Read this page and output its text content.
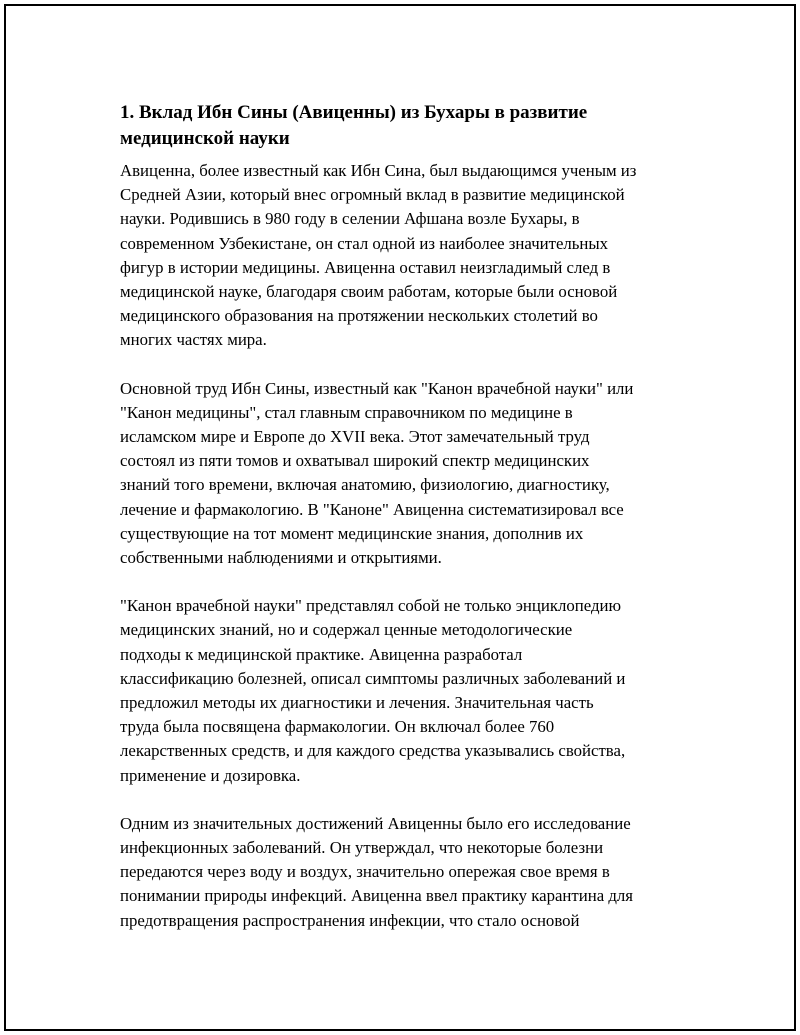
1. Вклад Ибн Сины (Авиценны) из Бухары в развитие
медицинской науки

Авиценна, более известный как Ибн Сина, был выдающимся ученым из
Средней Азии, который внес огромный вклад в развитие медицинской
науки. Родившись в 980 году в селении Афшана возле Бухары, в
современном Узбекистане, он стал одной из наиболее значительных
фигур в истории медицины. Авиценна оставил неизгладимый след в
медицинской науке, благодаря своим работам, которые были основой
медицинского образования на протяжении нескольких столетий во
многих частях мира.

Основной труд Ибн Сины, известный как "Канон врачебной науки" или
"Канон медицины", стал главным справочником по медицине в
исламском мире и Европе до XVII века. Этот замечательный труд
состоял из пяти томов и охватывал широкий спектр медицинских
знаний того времени, включая анатомию, физиологию, диагностику,
лечение и фармакологию. В "Каноне" Авиценна систематизировал все
существующие на тот момент медицинские знания, дополнив их
собственными наблюдениями и открытиями.

"Канон врачебной науки" представлял собой не только энциклопедию
медицинских знаний, но и содержал ценные методологические
подходы к медицинской практике. Авиценна разработал
классификацию болезней, описал симптомы различных заболеваний и
предложил методы их диагностики и лечения. Значительная часть
труда была посвящена фармакологии. Он включал более 760
лекарственных средств, и для каждого средства указывались свойства,
применение и дозировка.

Одним из значительных достижений Авиценны было его исследование
инфекционных заболеваний. Он утверждал, что некоторые болезни
передаются через воду и воздух, значительно опережая свое время в
понимании природы инфекций. Авиценна ввел практику карантина для
предотвращения распространения инфекции, что стало основой
